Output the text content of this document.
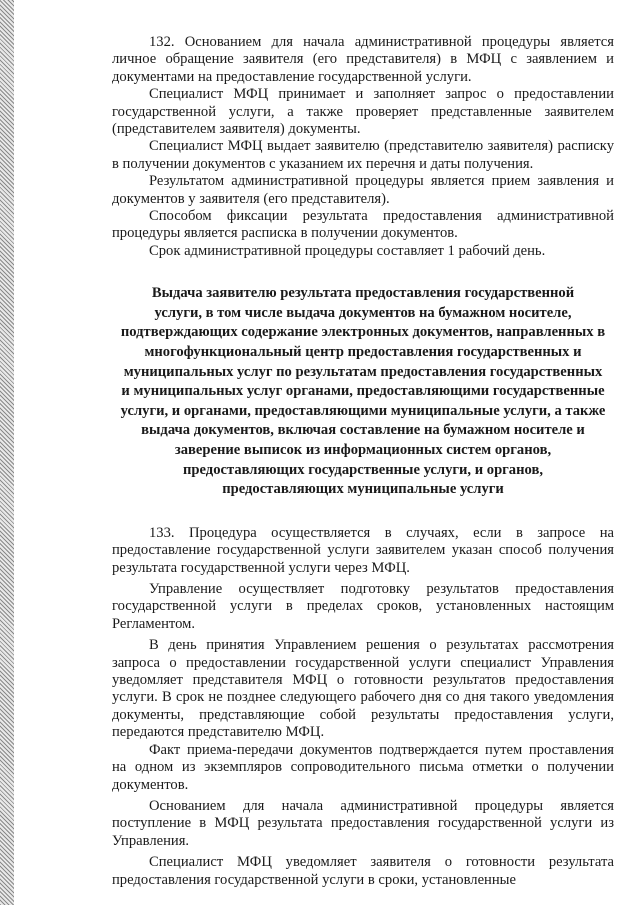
132. Основанием для начала административной процедуры является личное обращение заявителя (его представителя) в МФЦ с заявлением и документами на предоставление государственной услуги.

Специалист МФЦ принимает и заполняет запрос о предоставлении государственной услуги, а также проверяет представленные заявителем (представителем заявителя) документы.

Специалист МФЦ выдает заявителю (представителю заявителя) расписку в получении документов с указанием их перечня и даты получения.

Результатом административной процедуры является прием заявления и документов у заявителя (его представителя).

Способом фиксации результата предоставления административной процедуры является расписка в получении документов.

Срок административной процедуры составляет 1 рабочий день.

Выдача заявителю результата предоставления государственной
услуги, в том числе выдача документов на бумажном носителе,
подтверждающих содержание электронных документов, направленных в
многофункциональный центр предоставления государственных и
муниципальных услуг по результатам предоставления государственных
и муниципальных услуг органами, предоставляющими государственные
услуги, и органами, предоставляющими муниципальные услуги, а также
выдача документов, включая составление на бумажном носителе и
заверение выписок из информационных систем органов,
предоставляющих государственные услуги, и органов,
предоставляющих муниципальные услуги

133. Процедура осуществляется в случаях, если в запросе на предоставление государственной услуги заявителем указан способ получения результата государственной услуги через МФЦ.

Управление осуществляет подготовку результатов предоставления государственной услуги в пределах сроков, установленных настоящим Регламентом.

В день принятия Управлением решения о результатах рассмотрения запроса о предоставлении государственной услуги специалист Управления уведомляет представителя МФЦ о готовности результатов предоставления услуги. В срок не позднее следующего рабочего дня со дня такого уведомления документы, представляющие собой результаты предоставления услуги, передаются представителю МФЦ.

Факт приема-передачи документов подтверждается путем проставления на одном из экземпляров сопроводительного письма отметки о получении документов.

Основанием для начала административной процедуры является поступление в МФЦ результата предоставления государственной услуги из Управления.

Специалист МФЦ уведомляет заявителя о готовности результата предоставления государственной услуги в сроки, установленные
